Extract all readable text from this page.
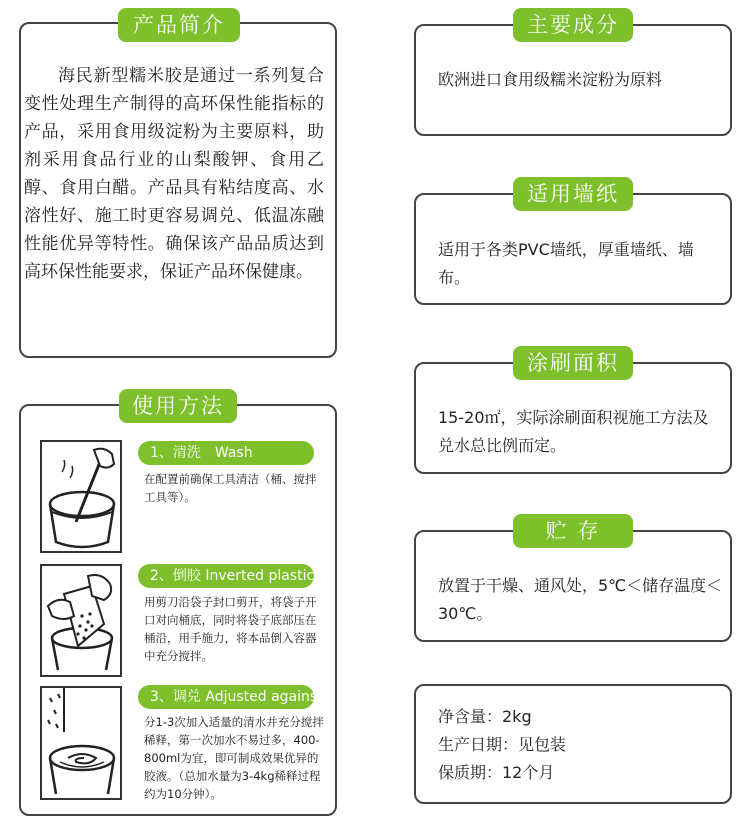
产品简介

海民新型糯米胶是通过一系列复合变性处理生产制得的高环保性能指标的产品，采用食用级淀粉为主要原料，助剂采用食品行业的山梨酸钾、食用乙醇、食用白醋。产品具有粘结度高、水溶性好、施工时更容易调兑、低温冻融性能优异等特性。确保该产品品质达到高环保性能要求，保证产品环保健康。

使用方法
1、清洗　Wash
在配置前确保工具清洁（桶、搅拌工具等）。
2、倒胶 Inverted plastic
用剪刀沿袋子封口剪开，将袋子开口对向桶底，同时将袋子底部压在桶沿，用手施力，将本品倒入容器中充分搅拌。
3、调兑 Adjusted against
分1-3次加入适量的清水并充分搅拌稀释，第一次加水不易过多，400-800ml为宜，即可制成效果优异的胶液。（总加水量为3-4kg稀释过程约为10分钟）。
主要成分
欧洲进口食用级糯米淀粉为原料
适用墙纸
适用于各类PVC墙纸，厚重墙纸、墙布。
涂刷面积
15-20㎡，实际涂刷面积视施工方法及兑水总比例而定。
贮 存
放置于干燥、通风处，5℃＜储存温度＜30℃。
净含量：2kg
生产日期：见包装
保质期：12个月
